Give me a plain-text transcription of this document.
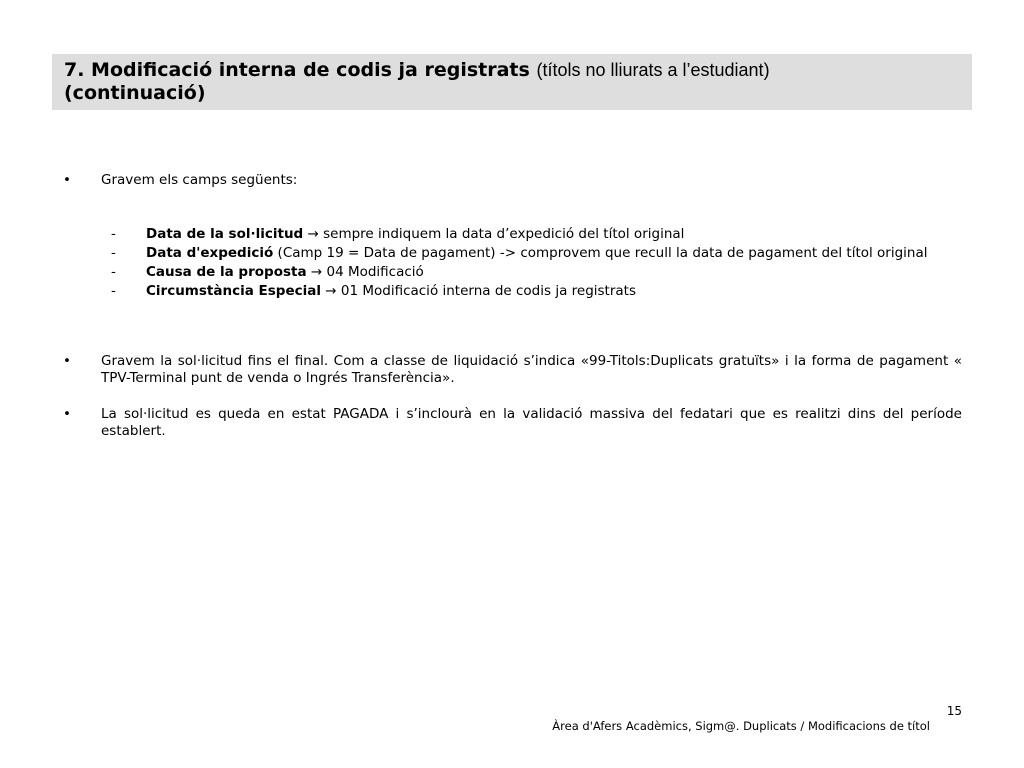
7. Modificació interna de codis ja registrats (títols no lliurats a l’estudiant)
(continuació)
• Gravem els camps següents:
- Data de la sol·licitud → sempre indiquem la data d’expedició del títol original
- Data d'expedició (Camp 19 = Data de pagament) -> comprovem que recull la data de pagament del títol original
- Causa de la proposta → 04 Modificació
- Circumstància Especial → 01 Modificació interna de codis ja registrats
• Gravem la sol·licitud fins el final. Com a classe de liquidació s’indica «99-Titols:Duplicats gratuïts» i la forma de pagament « TPV-Terminal punt de venda o Ingrés Transferència».
• La sol·licitud es queda en estat PAGADA i s’inclourà en la validació massiva del fedatari que es realitzi dins del període establert.
15
Àrea d'Afers Acadèmics, Sigm@. Duplicats / Modificacions de títol
